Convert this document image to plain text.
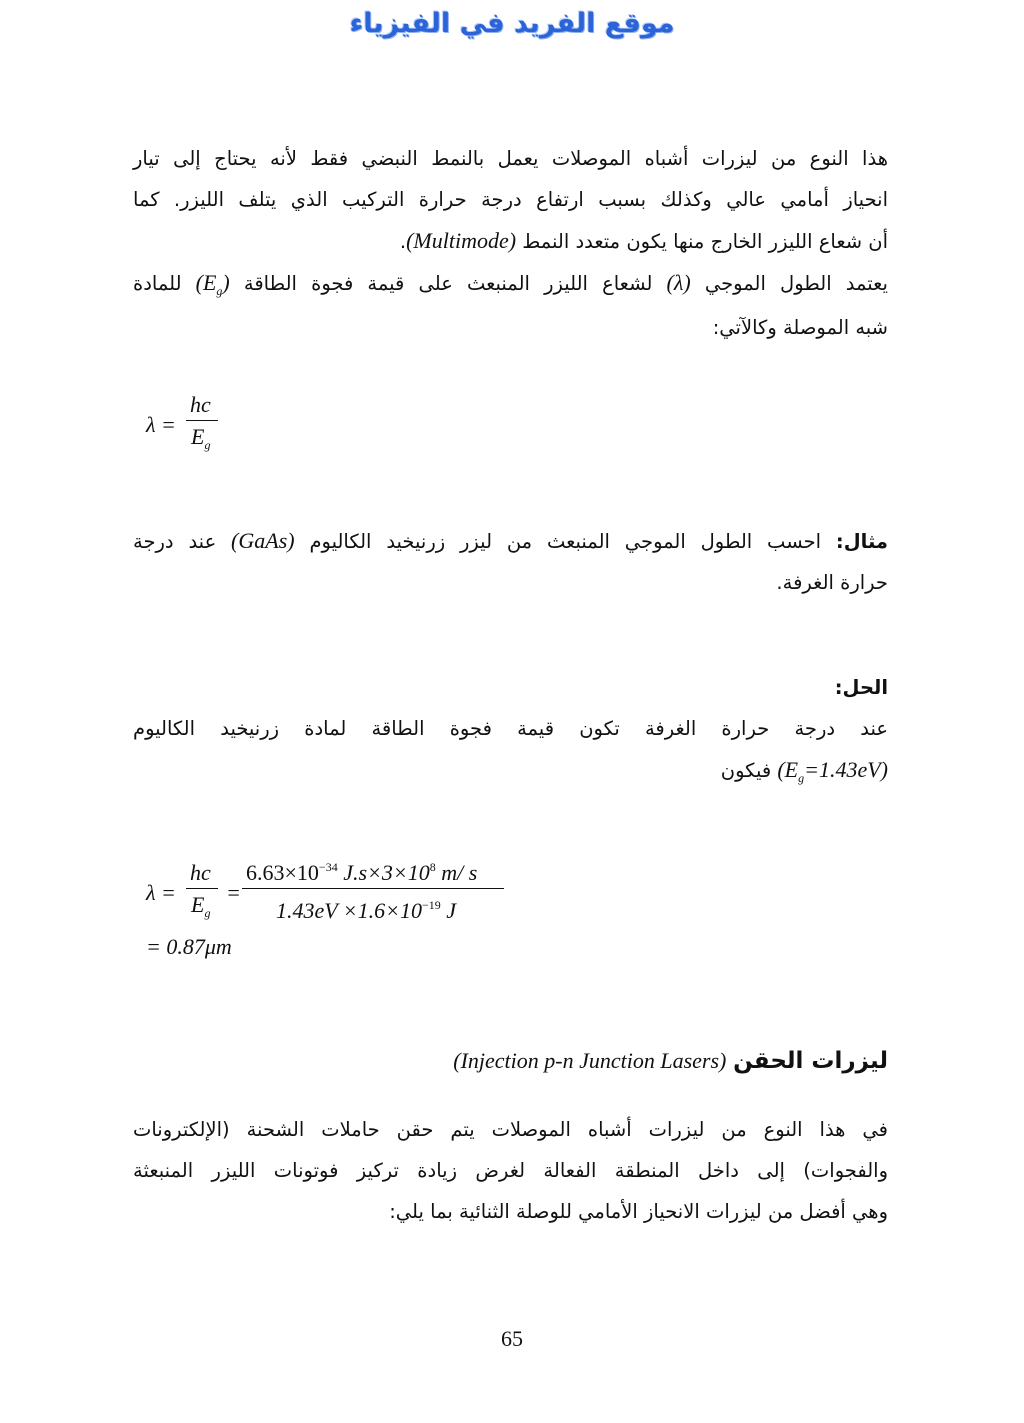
موقع الفريد في الفيزياء
هذا النوع من ليزرات أشباه الموصلات يعمل بالنمط النبضي فقط لأنه يحتاج إلى تيار
انحياز أمامي عالي وكذلك بسبب ارتفاع درجة حرارة التركيب الذي يتلف الليزر. كما
أن شعاع الليزر الخارج منها يكون متعدد النمط (Multimode).
يعتمد الطول الموجي (λ) لشعاع الليزر المنبعث على قيمة فجوة الطاقة $(E_g)$ للمادة
شبه الموصلة وكالآتي:
λ =
hc
$E_g$
مثال: احسب الطول الموجي المنبعث من ليزر زرنيخيد الكاليوم (GaAs) عند درجة
حرارة الغرفة.
الحل:
عند درجة حرارة الغرفة تكون قيمة فجوة الطاقة لمادة زرنيخيد الكاليوم
$(E_g=1.43eV)$ فيكون
λ =
hc
$E_g$
=
$6.63\times 10^{-34}$ $J.s\times 3\times 10^8$ m/ s
$1.43eV \times 1.6\times 10^{-19}$ J
= 0.87μm
ليزرات الحقن (Injection p-n Junction Lasers)
في هذا النوع من ليزرات أشباه الموصلات يتم حقن حاملات الشحنة (الإلكترونات
والفجوات) إلى داخل المنطقة الفعالة لغرض زيادة تركيز فوتونات الليزر المنبعثة
وهي أفضل من ليزرات الانحياز الأمامي للوصلة الثنائية بما يلي:
65
